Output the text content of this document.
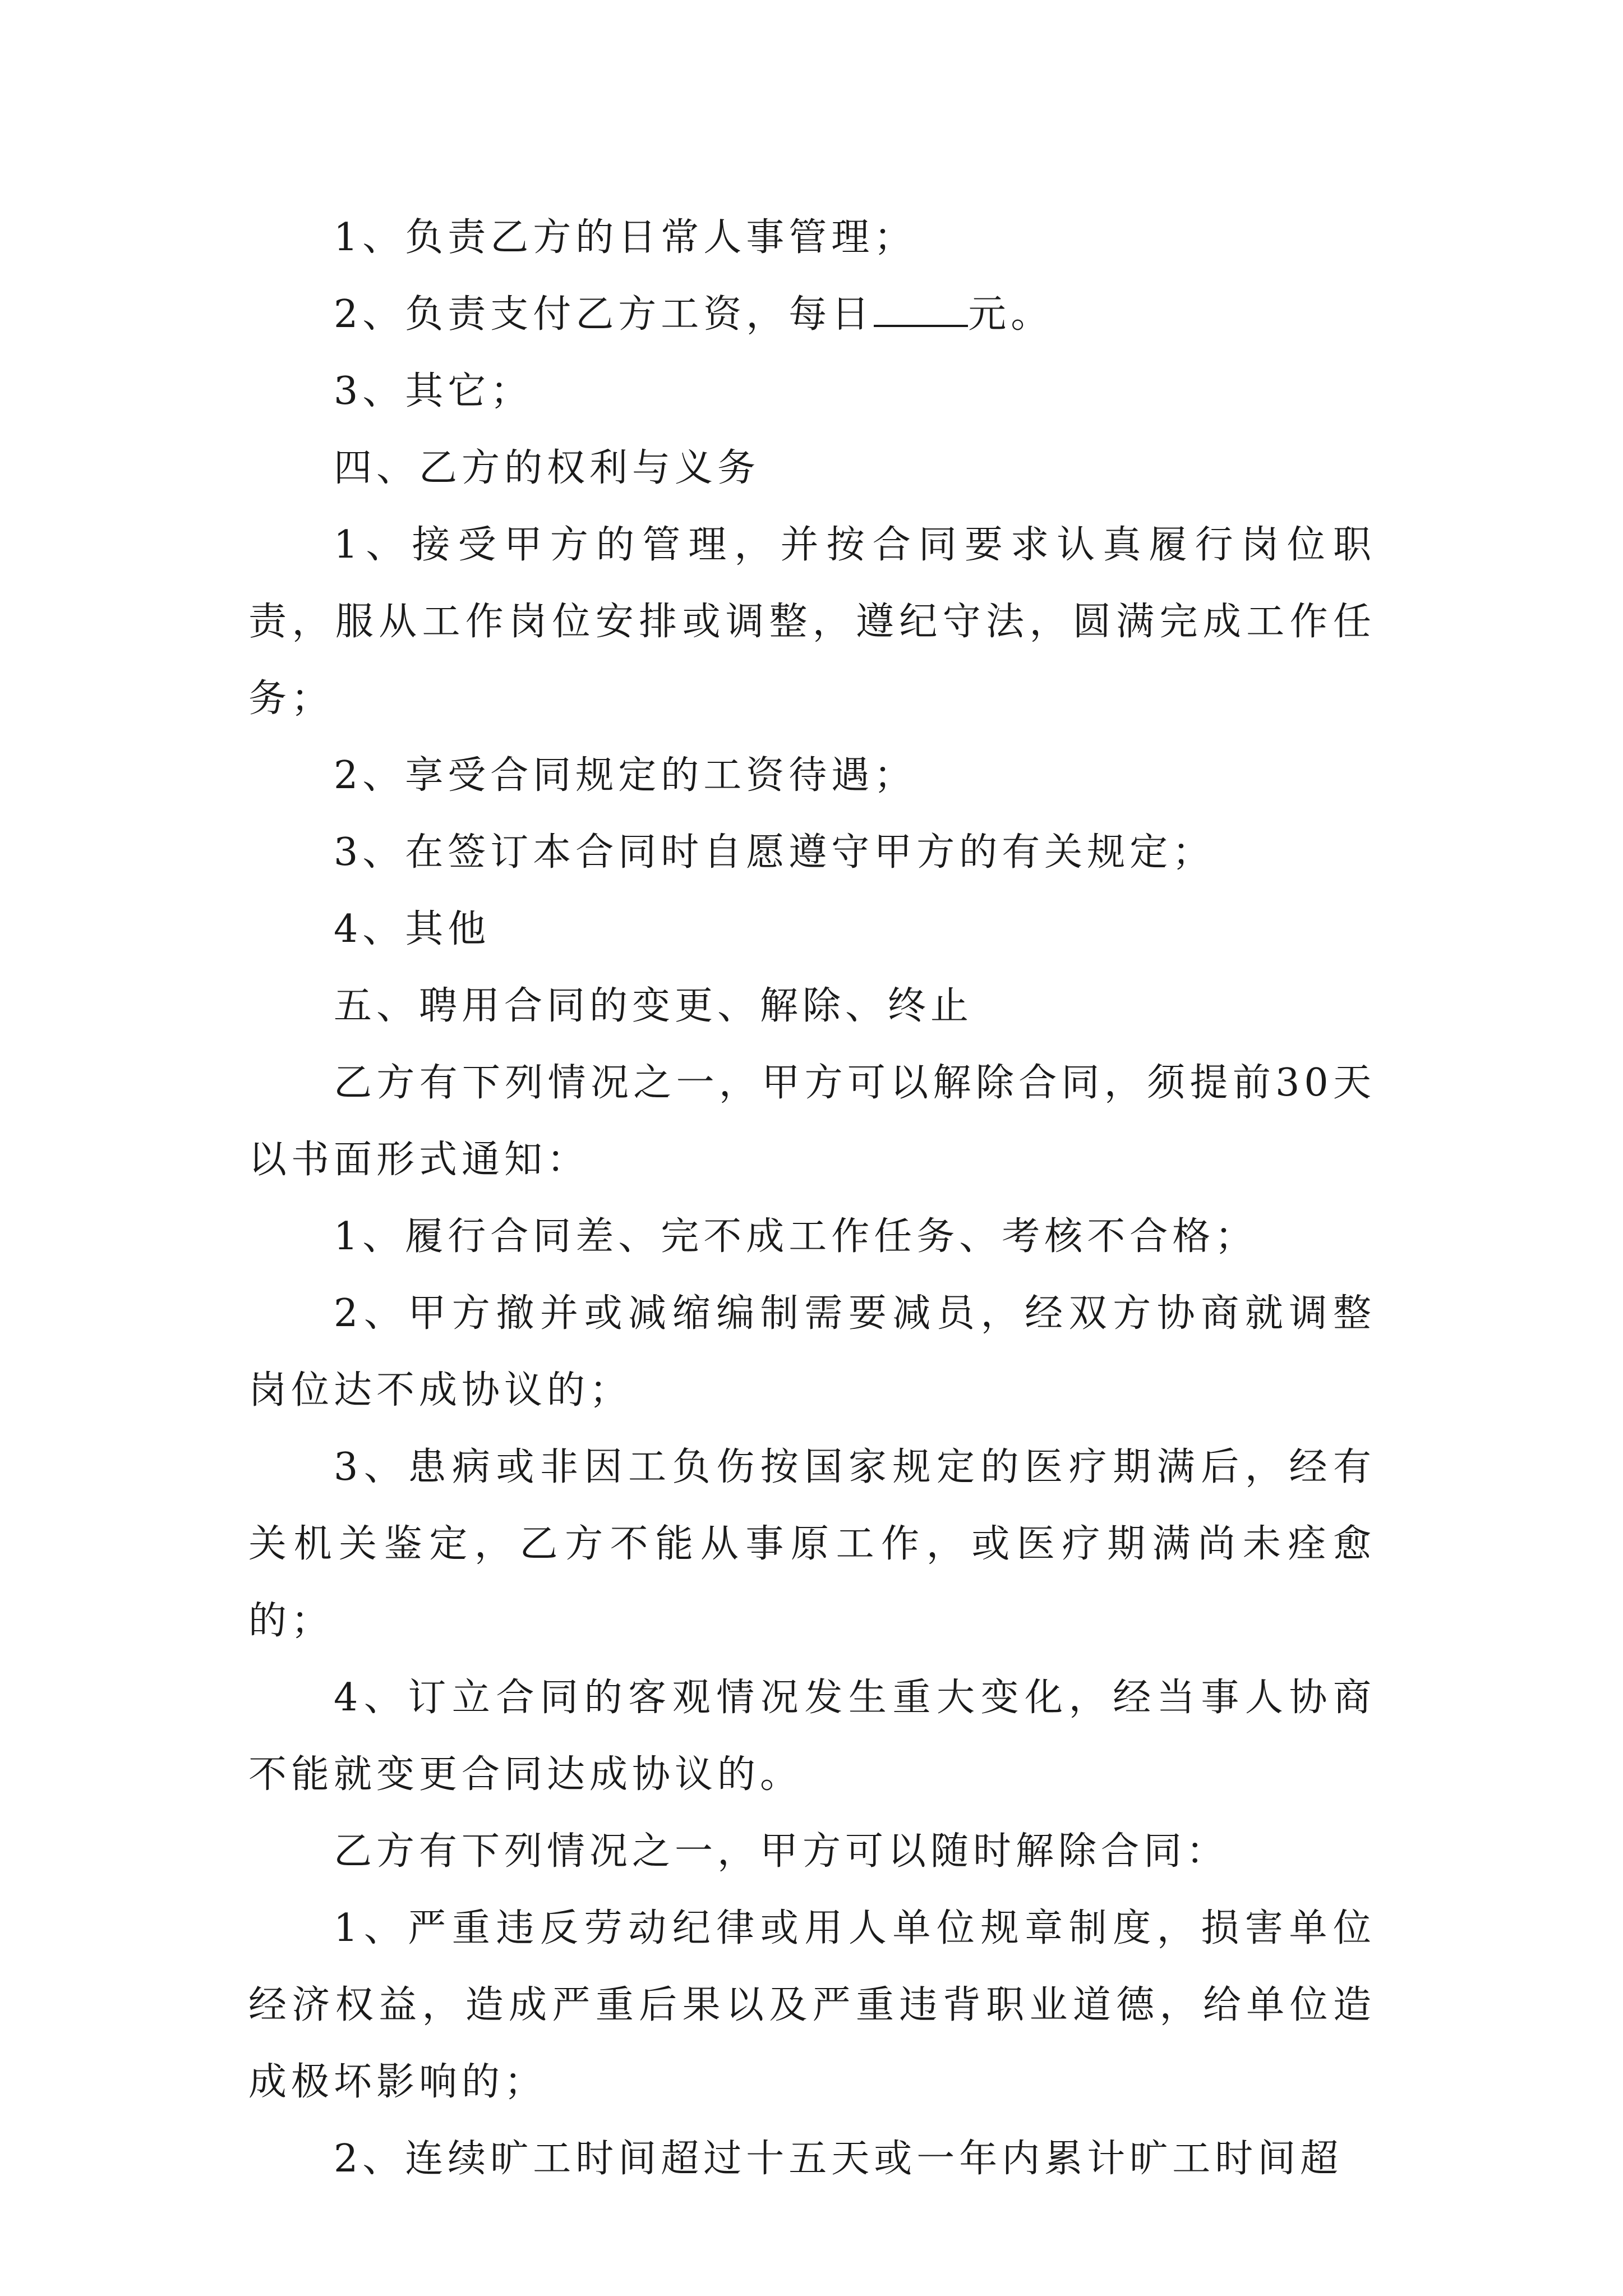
1、负责乙方的日常人事管理；

2、负责支付乙方工资，每日 元。

3、其它；

四、乙方的权利与义务

1、接受甲方的管理，并按合同要求认真履行岗位职责，服从工作岗位安排或调整，遵纪守法，圆满完成工作任务；

2、享受合同规定的工资待遇；

3、在签订本合同时自愿遵守甲方的有关规定；

4、其他

五、聘用合同的变更、解除、终止

乙方有下列情况之一，甲方可以解除合同，须提前30天以书面形式通知：

1、履行合同差、完不成工作任务、考核不合格；

2、甲方撤并或减缩编制需要减员，经双方协商就调整岗位达不成协议的；

3、患病或非因工负伤按国家规定的医疗期满后，经有关机关鉴定，乙方不能从事原工作，或医疗期满尚未痊愈的；

4、订立合同的客观情况发生重大变化，经当事人协商不能就变更合同达成协议的。

乙方有下列情况之一，甲方可以随时解除合同：

1、严重违反劳动纪律或用人单位规章制度，损害单位经济权益，造成严重后果以及严重违背职业道德，给单位造成极坏影响的；

2、连续旷工时间超过十五天或一年内累计旷工时间超
